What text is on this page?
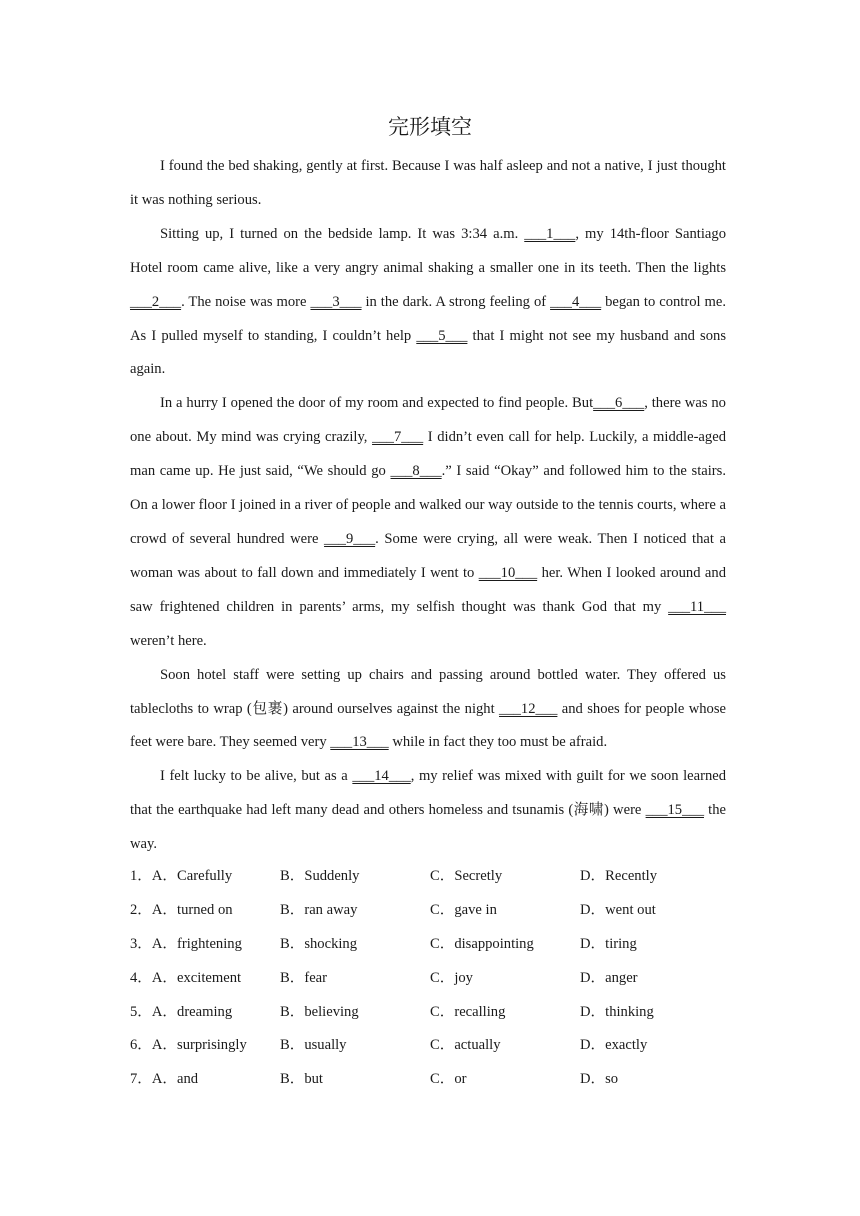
完形填空

I found the bed shaking, gently at first. Because I was half asleep and not a native, I just thought it was nothing serious.

Sitting up, I turned on the bedside lamp. It was 3:34 a.m. ___1___, my 14th-floor Santiago Hotel room came alive, like a very angry animal shaking a smaller one in its teeth. Then the lights ___2___. The noise was more ___3___ in the dark. A strong feeling of ___4___ began to control me. As I pulled myself to standing, I couldn’t help ___5___ that I might not see my husband and sons again.

In a hurry I opened the door of my room and expected to find people. But___6___, there was no one about. My mind was crying crazily, ___7___ I didn’t even call for help. Luckily, a middle-aged man came up. He just said, “We should go ___8___.” I said “Okay” and followed him to the stairs. On a lower floor I joined in a river of people and walked our way outside to the tennis courts, where a crowd of several hundred were ___9___. Some were crying, all were weak. Then I noticed that a woman was about to fall down and immediately I went to ___10___ her. When I looked around and saw frightened children in parents’ arms, my selfish thought was thank God that my ___11___ weren’t here.

Soon hotel staff were setting up chairs and passing around bottled water. They offered us tablecloths to wrap (包裹) around ourselves against the night ___12___ and shoes for people whose feet were bare. They seemed very ___13___ while in fact they too must be afraid.

I felt lucky to be alive, but as a ___14___, my relief was mixed with guilt for we soon learned that the earthquake had left many dead and others homeless and tsunamis (海啸) were ___15___ the way.

1．A．Carefully	B．Suddenly	C．Secretly	D．Recently
2．A．turned on	B．ran away	C．gave in	D．went out
3．A．frightening	B．shocking	C．disappointing	D．tiring
4．A．excitement	B．fear	C．joy	D．anger
5．A．dreaming	B．believing	C．recalling	D．thinking
6．A．surprisingly	B．usually	C．actually	D．exactly
7．A．and	B．but	C．or	D．so
